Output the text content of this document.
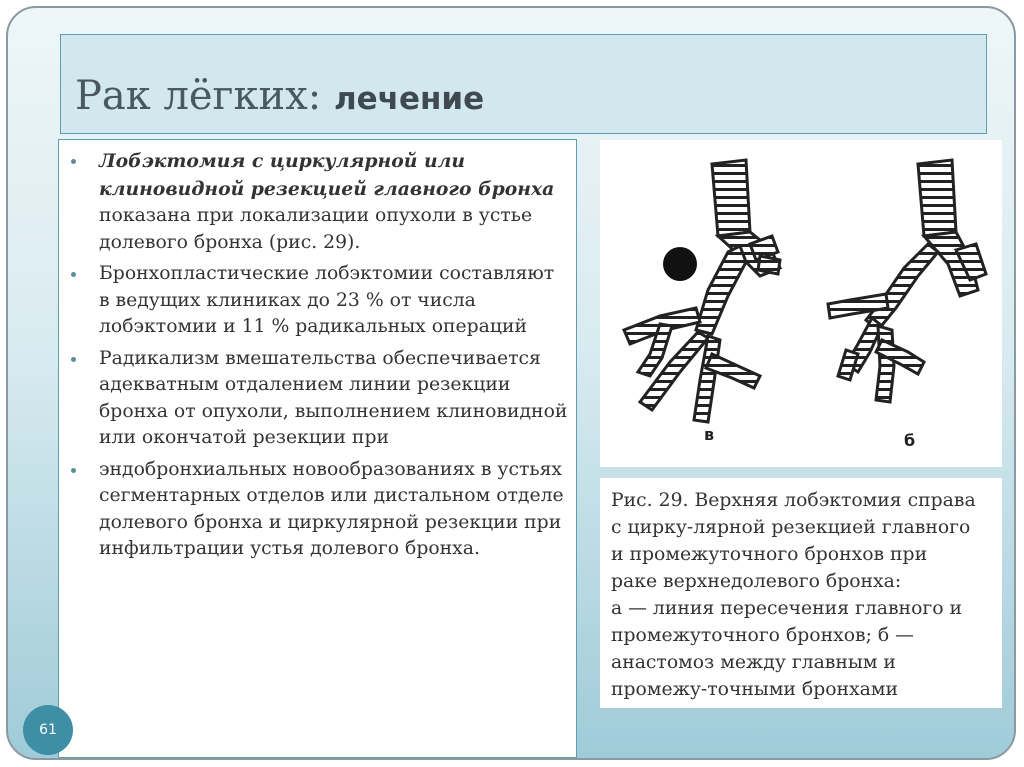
Рак лёгких: лечение
Лобэктомия с циркулярной или
клиновидной резекцией главного бронха показана при локализации опухоли в устье долевого бронха (рис. 29).
Бронхопластические лобэктомии составляют в ведущих клиниках до 23 % от числа лобэктомии и 11 % радикальных операций
Радикализм вмешательства обеспечивается адекватным отдалением линии резекции бронха от опухоли, выполнением клиновидной или окончатой резекции при
эндобронхиальных новообразованиях в устьях сегментарных отделов или дистальном отделе долевого бронха и циркулярной резекции при инфильтрации устья долевого бронха.
в	б
Рис. 29. Верхняя лобэктомия справа
с цирку-лярной резекцией главного
и промежуточного бронхов при
раке верхнедолевого бронха:
а — линия пересечения главного и
промежуточного бронхов; б —
анастомоз между главным и
промежу-точными бронхами
61
